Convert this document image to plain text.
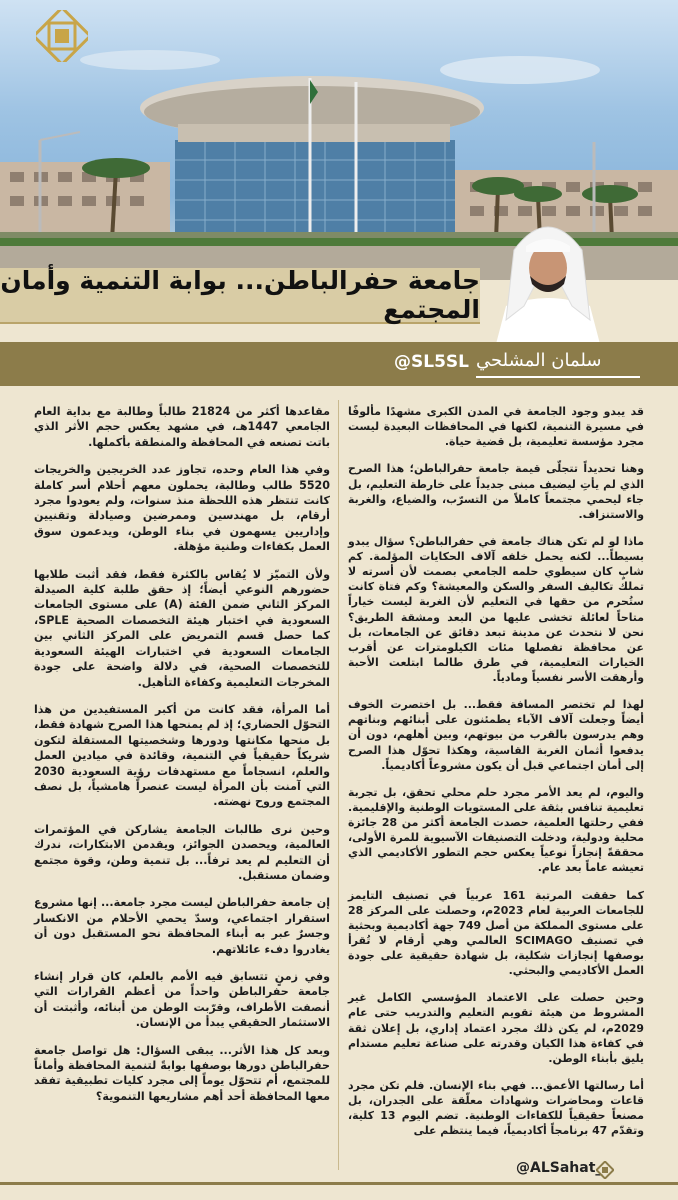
جامعة حفرالباطن... بوابة التنمية وأمان المجتمع
@SL5SL سلمان المشلحي

قد يبدو وجود الجامعة في المدن الكبرى مشهدًا مألوفًا في مسيرة التنمية، لكنها في المحافظات البعيدة ليست مجرد مؤسسة تعليمية، بل قضية حياة.

وهنا تحديداً تتجلّى قيمة جامعة حفرالباطن؛ هذا الصرح الذي لم يأتِ ليضيف مبنى جديداً على خارطة التعليم، بل جاء ليحمي مجتمعاً كاملاً من التسرّب، والضياع، والغربة والاستنزاف.

ماذا لو لم تكن هناك جامعة في حفرالباطن؟ سؤال يبدو بسيطاً... لكنه يحمل خلفه آلاف الحكايات المؤلمة. كم شابٍ كان سيطوي حلمه الجامعي بصمت لأن أسرته لا تملك تكاليف السفر والسكن والمعيشة؟ وكم فتاة كانت ستُحرم من حقها في التعليم لأن الغربة ليست خياراً متاحاً لعائلة تخشى عليها من البعد ومشقة الطريق؟ نحن لا نتحدث عن مدينة تبعد دقائق عن الجامعات، بل عن محافظة تفصلها مئات الكيلومترات عن أقرب الخيارات التعليمية، في طرق طالما ابتلعت الأحبة وأرهقت الأسر نفسياً ومادياً.

لهذا لم تختصر المسافة فقط... بل اختصرت الخوف أيضاً وجعلت آلاف الآباء يطمئنون على أبنائهم وبناتهم وهم يدرسون بالقرب من بيوتهم، وبين أهلهم، دون أن يدفعوا أثمان الغربة القاسية، وهكذا تحوّل هذا الصرح إلى أمان اجتماعي قبل أن يكون مشروعاً أكاديمياً.

واليوم، لم يعد الأمر مجرد حلم محلي تحقق، بل تجربة تعليمية تنافس بثقة على المستويات الوطنية والإقليمية. ففي رحلتها العلمية، حصدت الجامعة أكثر من 28 جائزة محلية ودولية، ودخلت التصنيفات الآسيوية للمرة الأولى، محققةً إنجازاً نوعياً يعكس حجم التطور الأكاديمي الذي تعيشه عاماً بعد عام.

كما حققت المرتبة 161 عربياً في تصنيف التايمز للجامعات العربية لعام 2023م، وحصلت على المركز 28 على مستوى المملكة من أصل 749 جهة أكاديمية وبحثية في تصنيف SCIMAGO العالمي وهي أرقام لا تُقرأ بوصفها إنجازات شكلية، بل شهادة حقيقية على جودة العمل الأكاديمي والبحثي.

وحين حصلت على الاعتماد المؤسسي الكامل غير المشروط من هيئة تقويم التعليم والتدريب حتى عام 2029م، لم يكن ذلك مجرد اعتماد إداري، بل إعلان ثقة في كفاءة هذا الكيان وقدرته على صناعة تعليم مستدام يليق بأبناء الوطن.

أما رسالتها الأعمق... فهي بناء الإنسان. فلم تكن مجرد قاعات ومحاضرات وشهادات معلّقة على الجدران، بل مصنعاً حقيقياً للكفاءات الوطنية. تضم اليوم 13 كلية، وتقدّم 47 برنامجاً أكاديمياً، فيما ينتظم على

مقاعدها أكثر من 21824 طالباً وطالبة مع بداية العام الجامعي 1447هـ، في مشهد يعكس حجم الأثر الذي باتت تصنعه في المحافظة والمنطقة بأكملها.

وفي هذا العام وحده، تجاوز عدد الخريجين والخريجات 5520 طالب وطالبة، يحملون معهم أحلام أسر كاملة كانت تنتظر هذه اللحظة منذ سنوات، ولم يعودوا مجرد أرقام، بل مهندسين وممرضين وصيادلة وتقنيين وإداريين يسهمون في بناء الوطن، ويدعمون سوق العمل بكفاءات وطنية مؤهلة.

ولأن التميّز لا يُقاس بالكثرة فقط، فقد أثبت طلابها حضورهم النوعي أيضاً؛ إذ حقق طلبة كلية الصيدلة المركز الثاني ضمن الفئة (A) على مستوى الجامعات السعودية في اختبار هيئة التخصصات الصحية SPLE، كما حصل قسم التمريض على المركز الثاني بين الجامعات السعودية في اختبارات الهيئة السعودية للتخصصات الصحية، في دلالة واضحة على جودة المخرجات التعليمية وكفاءة التأهيل.

أما المرأة، فقد كانت من أكبر المستفيدين من هذا التحوّل الحضاري؛ إذ لم يمنحها هذا الصرح شهادة فقط، بل منحها مكانتها ودورها وشخصيتها المستقلة لتكون شريكاً حقيقياً في التنمية، وقائدة في ميادين العمل والعلم، انسجاماً مع مستهدفات رؤية السعودية 2030 التي آمنت بأن المرأة ليست عنصراً هامشياً، بل نصف المجتمع وروح نهضته.

وحين نرى طالبات الجامعة يشاركن في المؤتمرات العالمية، ويحصدن الجوائز، ويقدمن الابتكارات، ندرك أن التعليم لم يعد ترفاً... بل تنمية وطن، وقوة مجتمع وضمان مستقبل.

إن جامعة حفرالباطن ليست مجرد جامعة... إنها مشروع استقرار اجتماعي، وسدّ يحمي الأحلام من الانكسار وجسرٌ عبر به أبناء المحافظة نحو المستقبل دون أن يغادروا دفء عائلاتهم.

وفي زمنٍ تتسابق فيه الأمم بالعلم، كان قرار إنشاء جامعة حفرالباطن واحداً من أعظم القرارات التي أنصفت الأطراف، وقرّبت الوطن من أبنائه، وأثبتت أن الاستثمار الحقيقي يبدأ من الإنسان.

وبعد كل هذا الأثر... يبقى السؤال: هل تواصل جامعة حفرالباطن دورها بوصفها بوابةً لتنمية المحافظة وأماناً للمجتمع، أم تتحوّل يوماً إلى مجرد كليات تطبيقية تفقد معها المحافظة أحد أهم مشاريعها التنموية؟

@ALSahat_
